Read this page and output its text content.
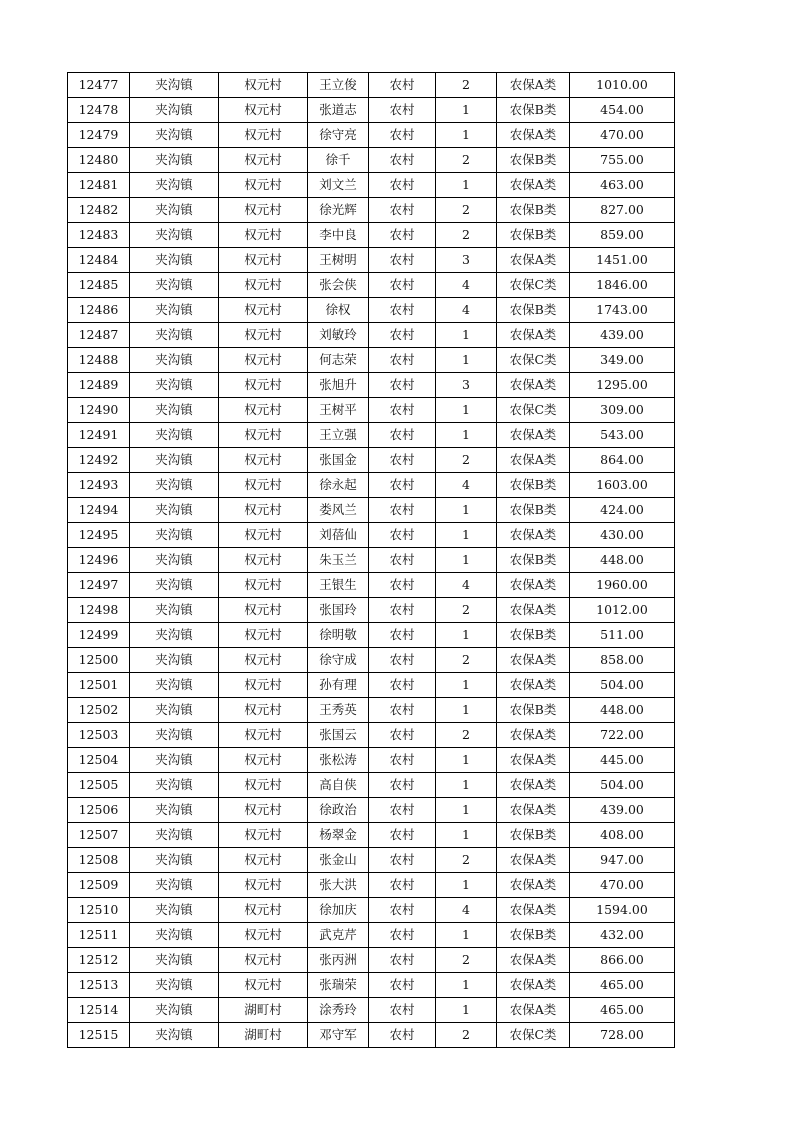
12477	夹沟镇	权元村	王立俊	农村	2	农保A类	1010.00
12478	夹沟镇	权元村	张道志	农村	1	农保B类	454.00
12479	夹沟镇	权元村	徐守亮	农村	1	农保A类	470.00
12480	夹沟镇	权元村	徐千	农村	2	农保B类	755.00
12481	夹沟镇	权元村	刘文兰	农村	1	农保A类	463.00
12482	夹沟镇	权元村	徐光辉	农村	2	农保B类	827.00
12483	夹沟镇	权元村	李中良	农村	2	农保B类	859.00
12484	夹沟镇	权元村	王树明	农村	3	农保A类	1451.00
12485	夹沟镇	权元村	张会侠	农村	4	农保C类	1846.00
12486	夹沟镇	权元村	徐权	农村	4	农保B类	1743.00
12487	夹沟镇	权元村	刘敏玲	农村	1	农保A类	439.00
12488	夹沟镇	权元村	何志荣	农村	1	农保C类	349.00
12489	夹沟镇	权元村	张旭升	农村	3	农保A类	1295.00
12490	夹沟镇	权元村	王树平	农村	1	农保C类	309.00
12491	夹沟镇	权元村	王立强	农村	1	农保A类	543.00
12492	夹沟镇	权元村	张国金	农村	2	农保A类	864.00
12493	夹沟镇	权元村	徐永起	农村	4	农保B类	1603.00
12494	夹沟镇	权元村	娄风兰	农村	1	农保B类	424.00
12495	夹沟镇	权元村	刘蓓仙	农村	1	农保A类	430.00
12496	夹沟镇	权元村	朱玉兰	农村	1	农保B类	448.00
12497	夹沟镇	权元村	王银生	农村	4	农保A类	1960.00
12498	夹沟镇	权元村	张国玲	农村	2	农保A类	1012.00
12499	夹沟镇	权元村	徐明敬	农村	1	农保B类	511.00
12500	夹沟镇	权元村	徐守成	农村	2	农保A类	858.00
12501	夹沟镇	权元村	孙有理	农村	1	农保A类	504.00
12502	夹沟镇	权元村	王秀英	农村	1	农保B类	448.00
12503	夹沟镇	权元村	张国云	农村	2	农保A类	722.00
12504	夹沟镇	权元村	张松涛	农村	1	农保A类	445.00
12505	夹沟镇	权元村	高自侠	农村	1	农保A类	504.00
12506	夹沟镇	权元村	徐政治	农村	1	农保A类	439.00
12507	夹沟镇	权元村	杨翠金	农村	1	农保B类	408.00
12508	夹沟镇	权元村	张金山	农村	2	农保A类	947.00
12509	夹沟镇	权元村	张大洪	农村	1	农保A类	470.00
12510	夹沟镇	权元村	徐加庆	农村	4	农保A类	1594.00
12511	夹沟镇	权元村	武克芹	农村	1	农保B类	432.00
12512	夹沟镇	权元村	张丙洲	农村	2	农保A类	866.00
12513	夹沟镇	权元村	张瑞荣	农村	1	农保A类	465.00
12514	夹沟镇	湖町村	涂秀玲	农村	1	农保A类	465.00
12515	夹沟镇	湖町村	邓守军	农村	2	农保C类	728.00
